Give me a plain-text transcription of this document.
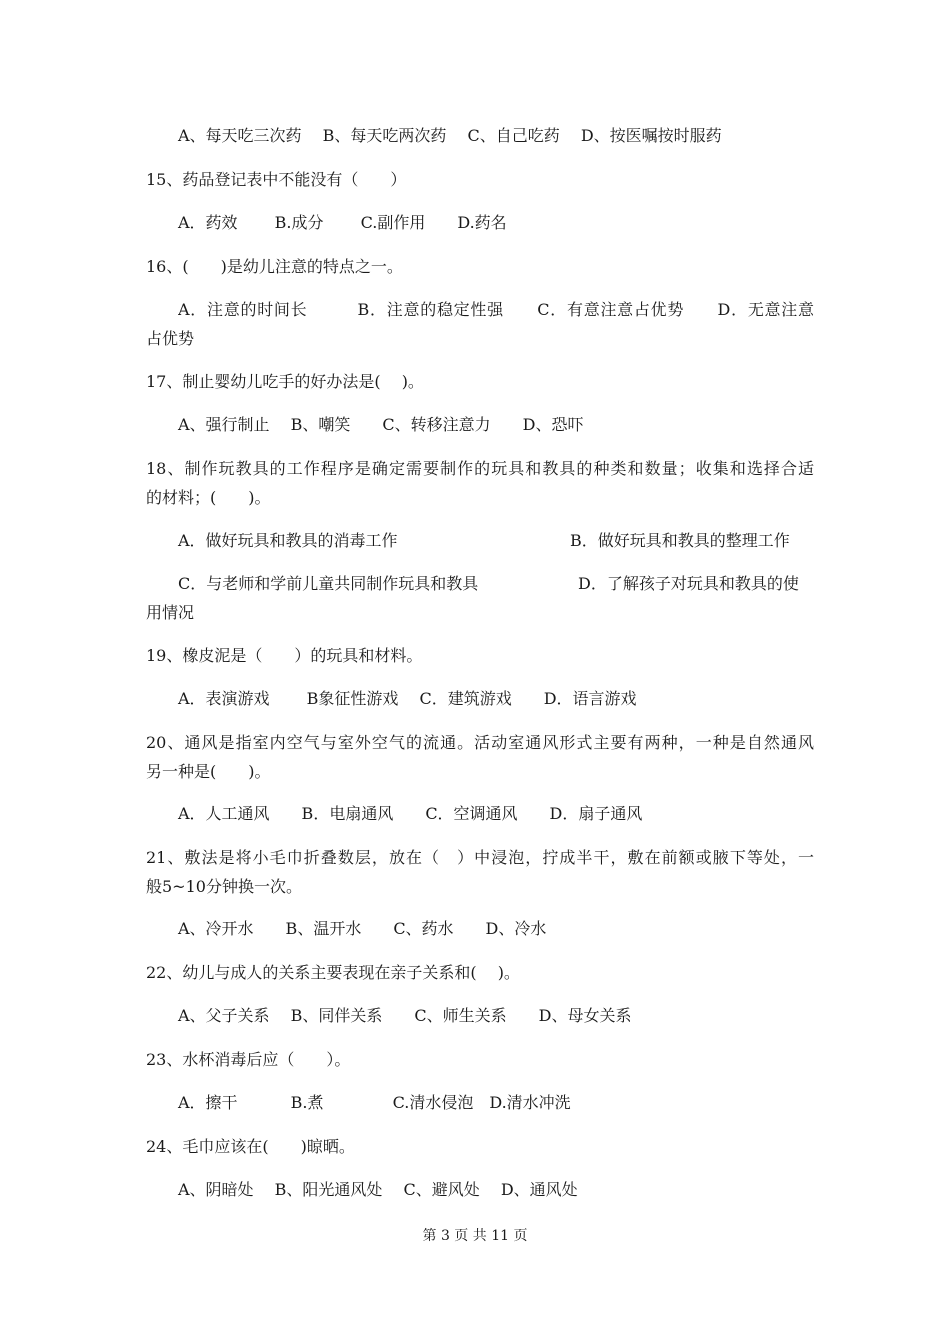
A、每天吃三次药　 B、每天吃两次药　 C、自己吃药　 D、按医嘱按时服药
15、药品登记表中不能没有（　　）
A．药效　　 B.成分　　 C.副作用　　D.药名
16、(　　)是幼儿注意的特点之一。
A．注意的时间长　　　B．注意的稳定性强　　C．有意注意占优势　　D．无意注意
占优势
17、制止婴幼儿吃手的好办法是(　 )。
A、强行制止　 B、嘲笑　　C、转移注意力　　D、恐吓
18、制作玩教具的工作程序是确定需要制作的玩具和教具的种类和数量；收集和选择合适
的材料；(　　)。
A．做好玩具和教具的消毒工作	B．做好玩具和教具的整理工作
C．与老师和学前儿童共同制作玩具和教具	D．了解孩子对玩具和教具的使
用情况
19、橡皮泥是（　　）的玩具和材料。
A．表演游戏　　 B象征性游戏　 C．建筑游戏　　D．语言游戏
20、通风是指室内空气与室外空气的流通。活动室通风形式主要有两种，一种是自然通风
另一种是(　　)。
A．人工通风　　B．电扇通风　　C．空调通风　　D．扇子通风
21、敷法是将小毛巾折叠数层，放在（　）中浸泡，拧成半干，敷在前额或腋下等处，一
般5~10分钟换一次。
A、冷开水　　B、温开水　　C、药水　　D、冷水
22、幼儿与成人的关系主要表现在亲子关系和(　 )。
A、父子关系　 B、同伴关系　　C、师生关系　　D、母女关系
23、水杯消毒后应（　　）。
A．擦干　　　 B.煮　　　　 C.清水侵泡　D.清水冲洗
24、毛巾应该在(　　)晾晒。
A、阴暗处　 B、阳光通风处　 C、避风处　 D、通风处
第 3 页 共 11 页
